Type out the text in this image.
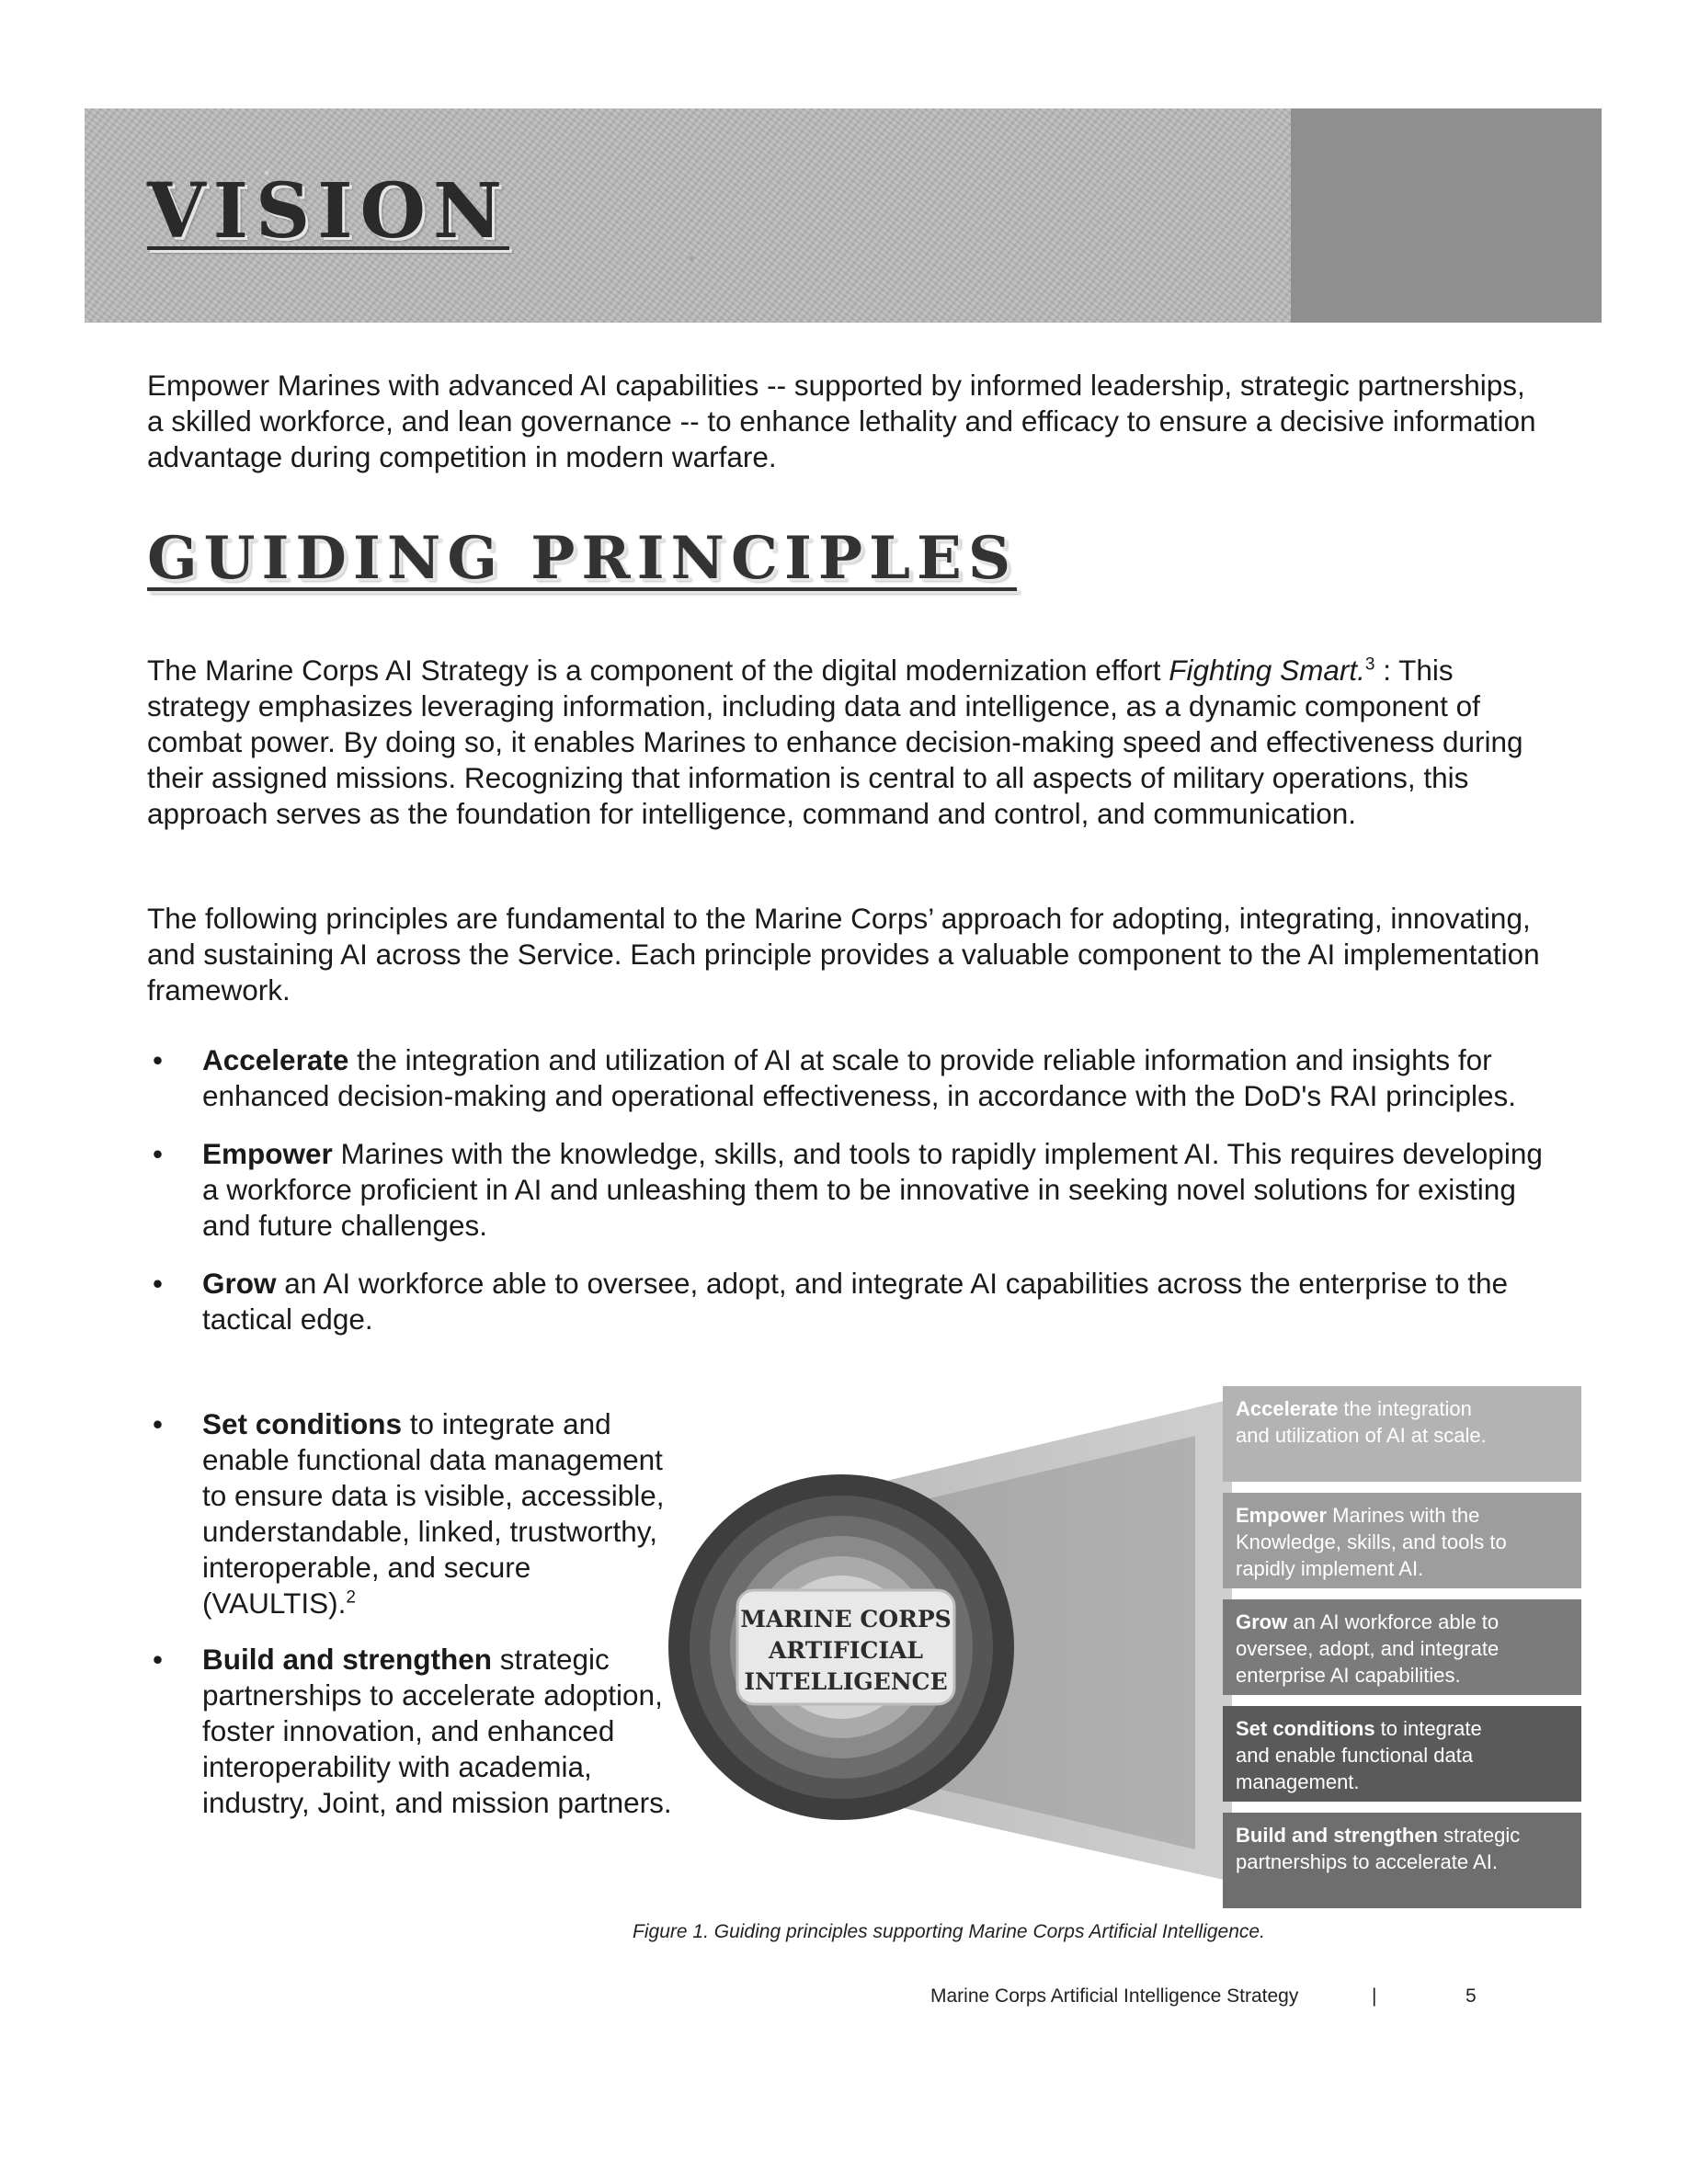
VISION

Empower Marines with advanced AI capabilities -- supported by informed leadership, strategic partnerships, a skilled workforce, and lean governance -- to enhance lethality and efficacy to ensure a decisive information advantage during competition in modern warfare.

GUIDING PRINCIPLES

The Marine Corps AI Strategy is a component of the digital modernization effort Fighting Smart.$^3$ : This strategy emphasizes leveraging information, including data and intelligence, as a dynamic component of combat power. By doing so, it enables Marines to enhance decision-making speed and effectiveness during their assigned missions. Recognizing that information is central to all aspects of military operations, this approach serves as the foundation for intelligence, command and control, and communication.

The following principles are fundamental to the Marine Corps’ approach for adopting, integrating, innovating, and sustaining AI across the Service. Each principle provides a valuable component to the AI implementation framework.

• Accelerate the integration and utilization of AI at scale to provide reliable information and insights for enhanced decision-making and operational effectiveness, in accordance with the DoD's RAI principles.
• Empower Marines with the knowledge, skills, and tools to rapidly implement AI. This requires developing a workforce proficient in AI and unleashing them to be innovative in seeking novel solutions for existing and future challenges.
• Grow an AI workforce able to oversee, adopt, and integrate AI capabilities across the enterprise to the tactical edge.
• Set conditions to integrate and enable functional data management to ensure data is visible, accessible, understandable, linked, trustworthy, interoperable, and secure (VAULTIS).$^2$
• Build and strengthen strategic partnerships to accelerate adoption, foster innovation, and enhanced interoperability with academia, industry, Joint, and mission partners.
MARINE CORPS
ARTIFICIAL
INTELLIGENCE
Accelerate the integration
and utilization of AI at scale.
Empower Marines with the
Knowledge, skills, and tools to
rapidly implement AI.
Grow an AI workforce able to
oversee, adopt, and integrate
enterprise AI capabilities.
Set conditions to integrate
and enable functional data
management.
Build and strengthen strategic
partnerships to accelerate AI.

Figure 1. Guiding principles supporting Marine Corps Artificial Intelligence.

Marine Corps Artificial Intelligence Strategy	|	5
